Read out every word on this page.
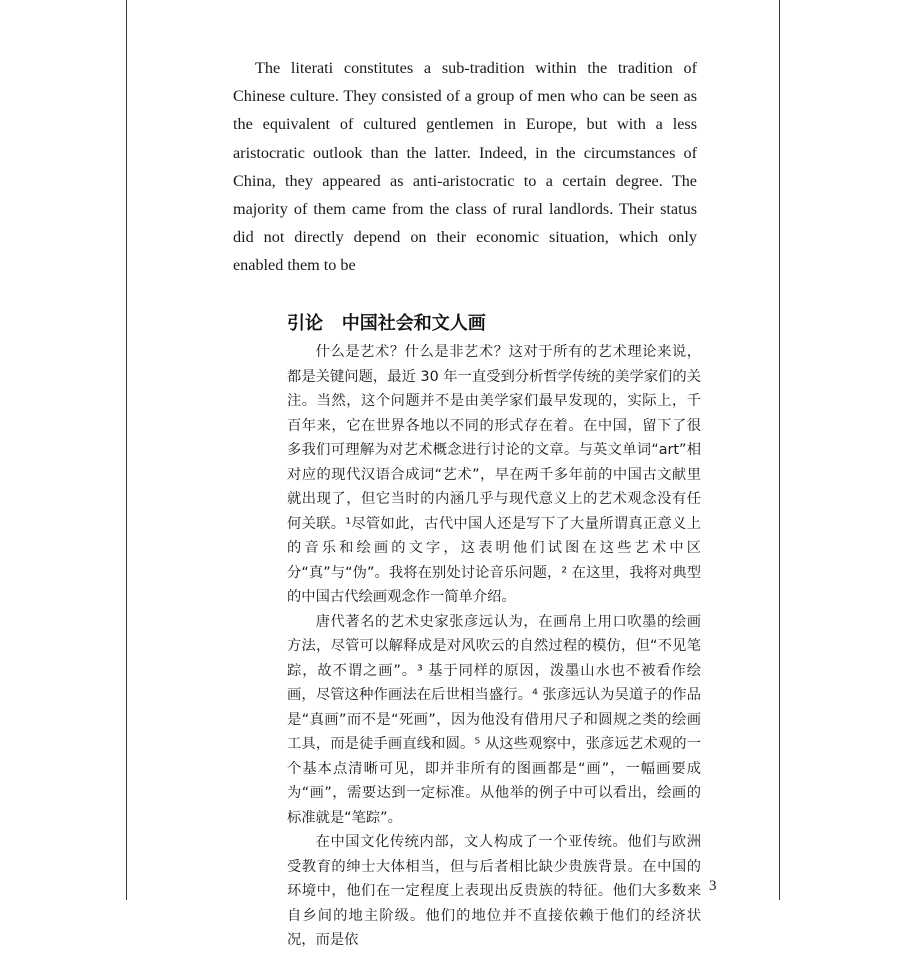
The literati constitutes a sub-tradition within the tradition of Chinese culture. They consisted of a group of men who can be seen as the equivalent of cultured gentlemen in Europe, but with a less aristocratic outlook than the latter. Indeed, in the circumstances of China, they appeared as anti-aristocratic to a certain degree. The majority of them came from the class of rural landlords. Their status did not directly depend on their economic situation, which only enabled them to be

引论   中国社会和文人画

什么是艺术？什么是非艺术？这对于所有的艺术理论来说，都是关键问题，最近 30 年一直受到分析哲学传统的美学家们的关注。当然，这个问题并不是由美学家们最早发现的，实际上，千百年来，它在世界各地以不同的形式存在着。在中国，留下了很多我们可理解为对艺术概念进行讨论的文章。与英文单词“art”相对应的现代汉语合成词“艺术”，早在两千多年前的中国古文献里就出现了，但它当时的内涵几乎与现代意义上的艺术观念没有任何关联。¹尽管如此，古代中国人还是写下了大量所谓真正意义上的音乐和绘画的文字，这表明他们试图在这些艺术中区分“真”与“伪”。我将在别处讨论音乐问题，² 在这里，我将对典型的中国古代绘画观念作一简单介绍。

唐代著名的艺术史家张彦远认为，在画帛上用口吹墨的绘画方法，尽管可以解释成是对风吹云的自然过程的模仿，但“不见笔踪，故不谓之画”。³ 基于同样的原因，泼墨山水也不被看作绘画，尽管这种作画法在后世相当盛行。⁴ 张彦远认为吴道子的作品是“真画”而不是“死画”，因为他没有借用尺子和圆规之类的绘画工具，而是徒手画直线和圆。⁵ 从这些观察中，张彦远艺术观的一个基本点清晰可见，即并非所有的图画都是“画”，一幅画要成为“画”，需要达到一定标准。从他举的例子中可以看出，绘画的标准就是“笔踪”。

在中国文化传统内部，文人构成了一个亚传统。他们与欧洲受教育的绅士大体相当，但与后者相比缺少贵族背景。在中国的环境中，他们在一定程度上表现出反贵族的特征。他们大多数来自乡间的地主阶级。他们的地位并不直接依赖于他们的经济状况，而是依

3
